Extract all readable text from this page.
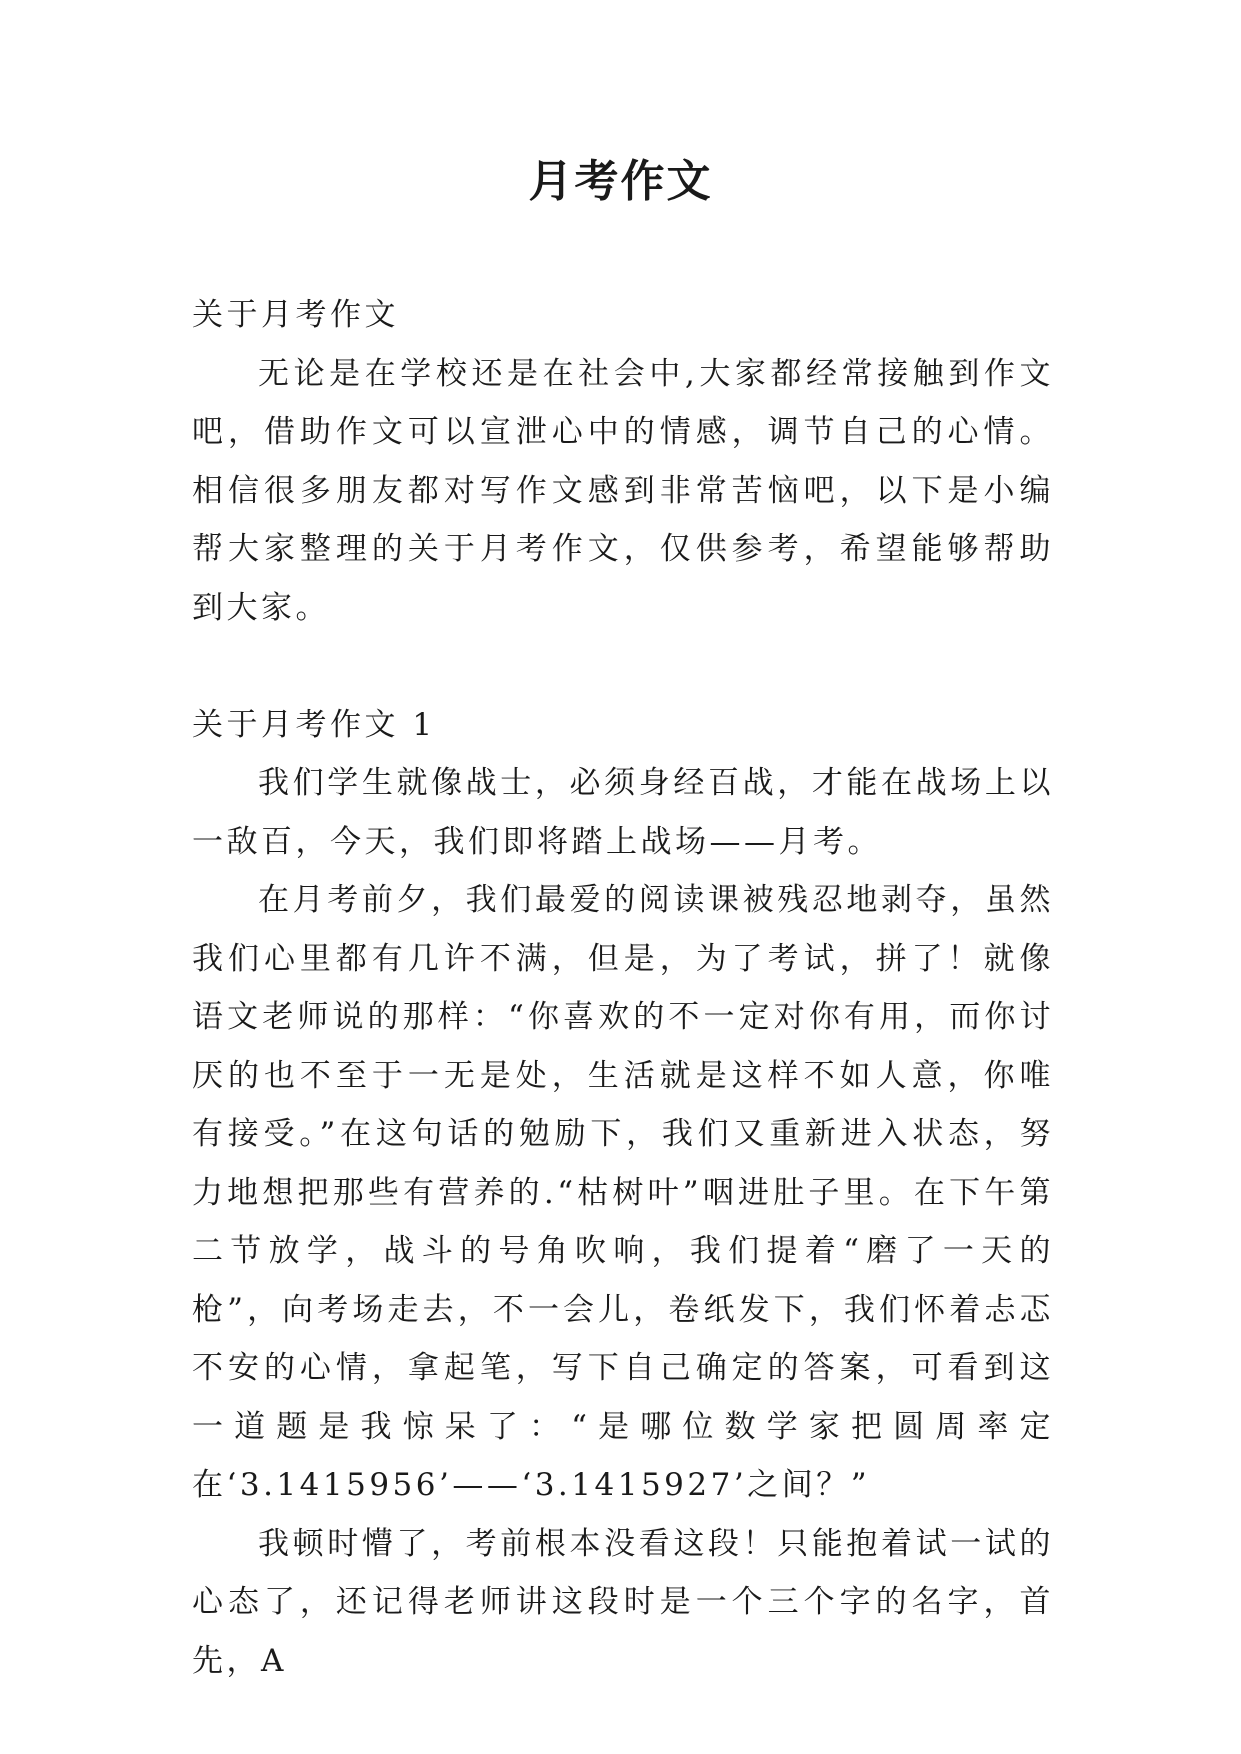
月考作文

关于月考作文

无论是在学校还是在社会中,大家都经常接触到作文吧，借助作文可以宣泄心中的情感，调节自己的心情。相信很多朋友都对写作文感到非常苦恼吧，以下是小编帮大家整理的关于月考作文，仅供参考，希望能够帮助到大家。

关于月考作文 1

我们学生就像战士，必须身经百战，才能在战场上以一敌百，今天，我们即将踏上战场——月考。

在月考前夕，我们最爱的阅读课被残忍地剥夺，虽然我们心里都有几许不满，但是，为了考试，拼了！就像语文老师说的那样：“你喜欢的不一定对你有用，而你讨厌的也不至于一无是处，生活就是这样不如人意，你唯有接受。”在这句话的勉励下，我们又重新进入状态，努力地想把那些有营养的.“枯树叶”咽进肚子里。在下午第二节放学，战斗的号角吹响，我们提着“磨了一天的枪”，向考场走去，不一会儿，卷纸发下，我们怀着忐忑不安的心情，拿起笔，写下自己确定的答案，可看到这一道题是我惊呆了：“是哪位数学家把圆周率定在‘3.1415956’——‘3.1415927’之间？”

我顿时懵了，考前根本没看这段！只能抱着试一试的心态了，还记得老师讲这段时是一个三个字的名字，首先，A
